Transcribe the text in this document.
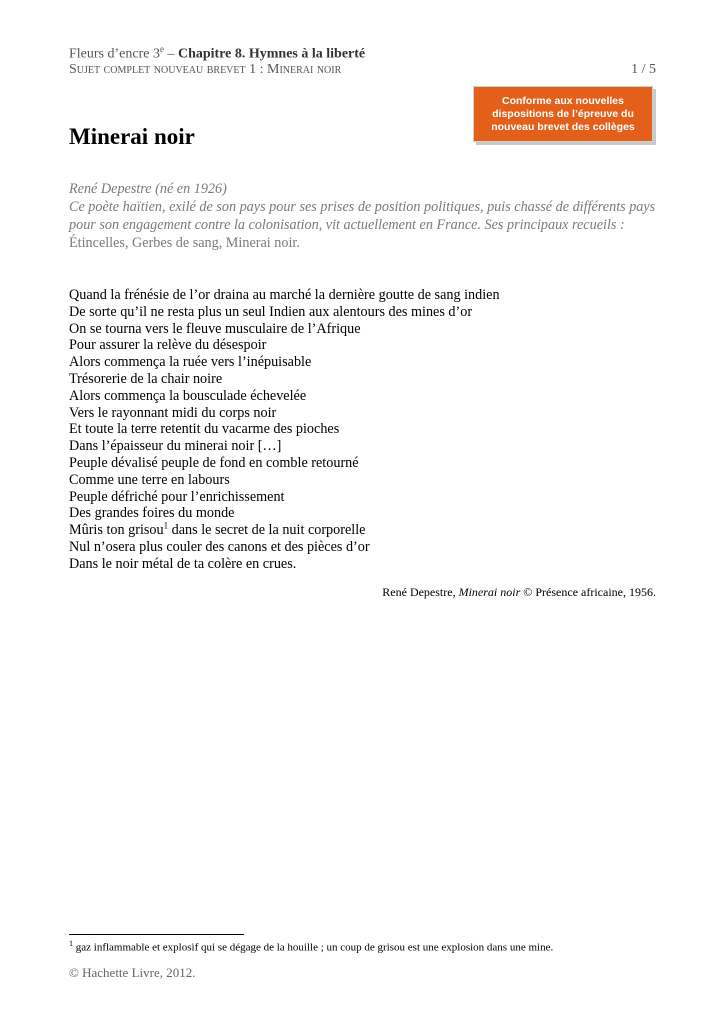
Fleurs d’encre 3e – Chapitre 8. Hymnes à la liberté
Sujet complet nouveau brevet 1 : Minerai noir	1 / 5
Conforme aux nouvelles
dispositions de l’épreuve du
nouveau brevet des collèges
Minerai noir
René Depestre (né en 1926)
Ce poète haïtien, exilé de son pays pour ses prises de position politiques, puis chassé de différents pays pour son engagement contre la colonisation, vit actuellement en France. Ses principaux recueils : Étincelles, Gerbes de sang, Minerai noir.
Quand la frénésie de l’or draina au marché la dernière goutte de sang indien
De sorte qu’il ne resta plus un seul Indien aux alentours des mines d’or
On se tourna vers le fleuve musculaire de l’Afrique
Pour assurer la relève du désespoir
Alors commença la ruée vers l’inépuisable
Trésorerie de la chair noire
Alors commença la bousculade échevelée
Vers le rayonnant midi du corps noir
Et toute la terre retentit du vacarme des pioches
Dans l’épaisseur du minerai noir […]
Peuple dévalisé peuple de fond en comble retourné
Comme une terre en labours
Peuple défriché pour l’enrichissement
Des grandes foires du monde
Mûris ton grisou$^1$ dans le secret de la nuit corporelle
Nul n’osera plus couler des canons et des pièces d’or
Dans le noir métal de ta colère en crues.
René Depestre, Minerai noir © Présence africaine, 1956.
$^1$ gaz inflammable et explosif qui se dégage de la houille ; un coup de grisou est une explosion dans une mine.
© Hachette Livre, 2012.
